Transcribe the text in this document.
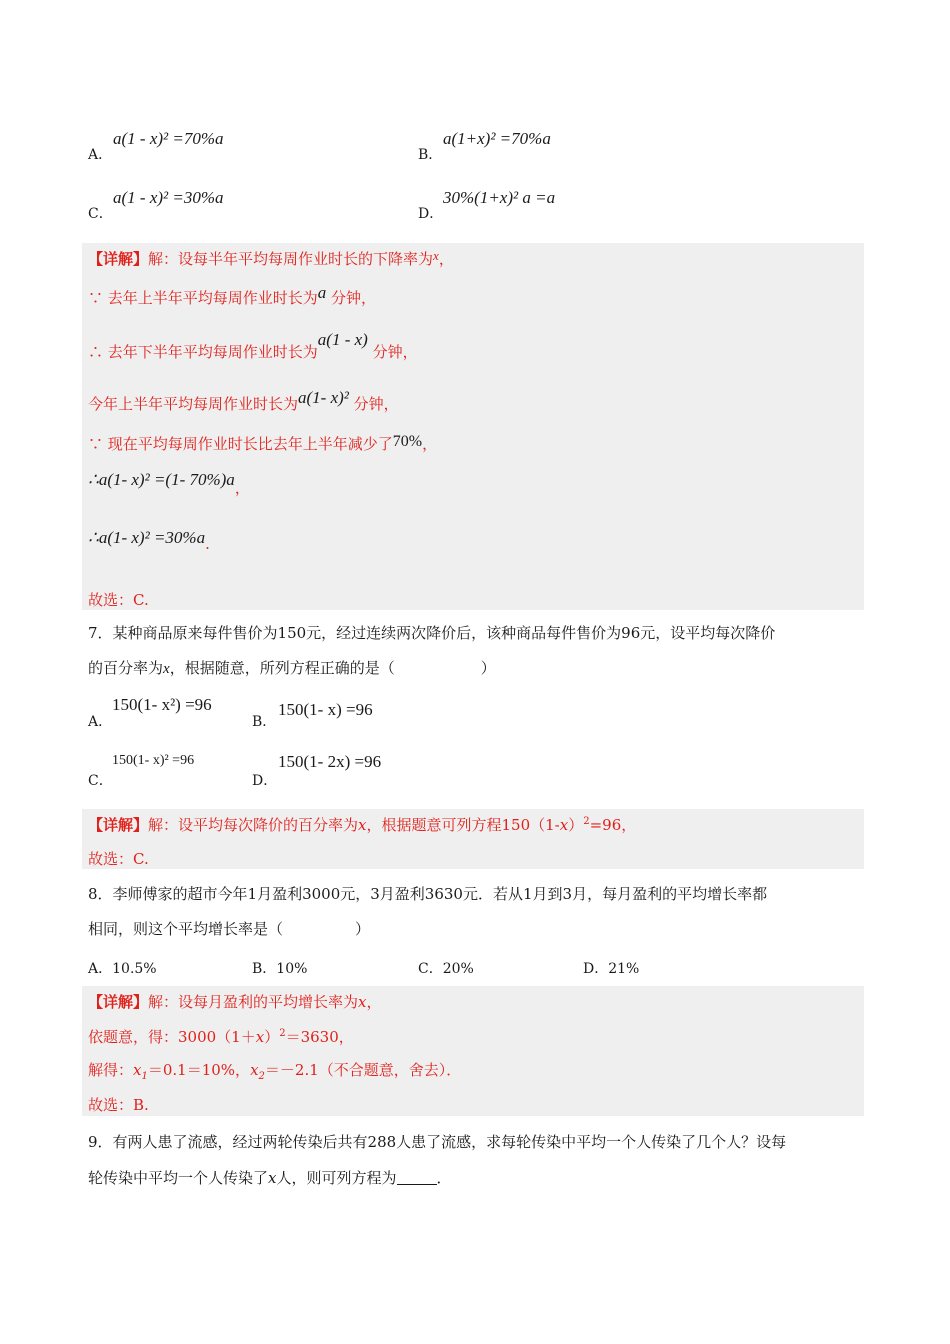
A．
a(1 - x)² =70%a
B．
a(1+x)² =70%a
C．
a(1 - x)² =30%a
D．
30%(1+x)² a =a
【详解】解：设每半年平均每周作业时长的下降率为x，
∵ 去年上半年平均每周作业时长为a 分钟，
∴ 去年下半年平均每周作业时长为a(1 - x) 分钟，
今年上半年平均每周作业时长为a(1- x)² 分钟，
∵ 现在平均每周作业时长比去年上半年减少了70%，
∴a(1- x)² =(1- 70%)a，
∴a(1- x)² =30%a.
故选：C.
7．某种商品原来每件售价为150元，经过连续两次降价后，该种商品每件售价为96元，设平均每次降价
的百分率为x，根据随意，所列方程正确的是（	）
A．
150(1- x²) =96
B．
150(1- x) =96
C．
150(1- x)² =96
D．
150(1- 2x) =96
【详解】解：设平均每次降价的百分率为x，根据题意可列方程$150(1-x)^2=96$，
故选：C.
8．李师傅家的超市今年1月盈利3000元，3月盈利3630元．若从1月到3月，每月盈利的平均增长率都
相同，则这个平均增长率是（	）
A．10.5%	B．10%	C．20%	D．21%
【详解】解：设每月盈利的平均增长率为x，
依题意，得：$3000(1+x)^2=3630$，
解得：$x_1=0.1=10\%$，$x_2=-2.1$（不合题意，舍去）．
故选：B.
9．有两人患了流感，经过两轮传染后共有288人患了流感，求每轮传染中平均一个人传染了几个人？设每
轮传染中平均一个人传染了x人，则可列方程为	．
